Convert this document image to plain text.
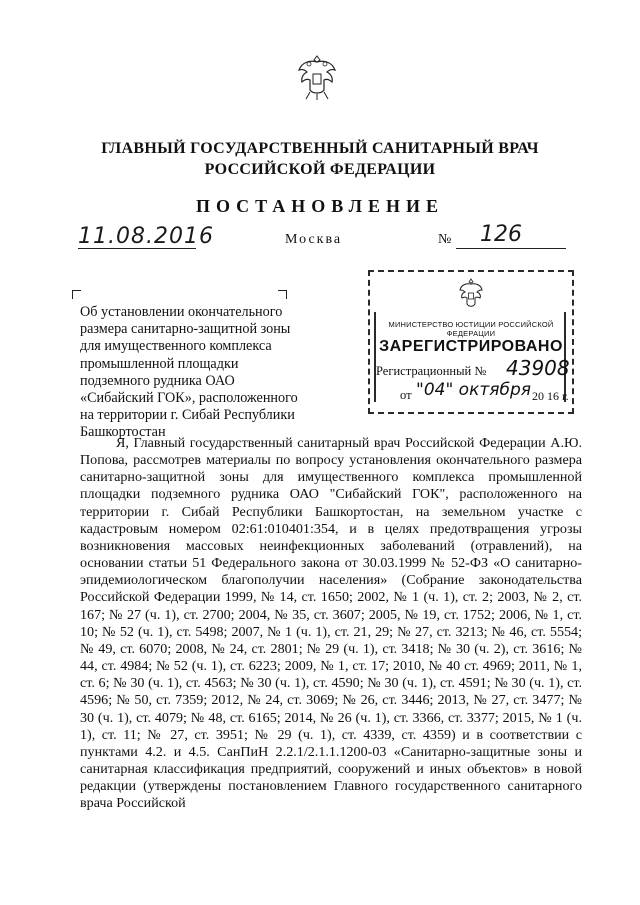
ГЛАВНЫЙ ГОСУДАРСТВЕННЫЙ САНИТАРНЫЙ ВРАЧ
РОССИЙСКОЙ ФЕДЕРАЦИИ
ПОСТАНОВЛЕНИЕ
11.08.2016	Москва	№ 126
Об установлении окончательного размера санитарно-защитной зоны для имущественного комплекса промышленной площадки подземного рудника ОАО «Сибайский ГОК», расположенного на территории г. Сибай Республики Башкортостан
МИНИСТЕРСТВО ЮСТИЦИИ РОССИЙСКОЙ ФЕДЕРАЦИИ
ЗАРЕГИСТРИРОВАНО
Регистрационный № 43908
от "04" октября 20 16 г.

Я, Главный государственный санитарный врач Российской Федерации А.Ю. Попова, рассмотрев материалы по вопросу установления окончательного размера санитарно-защитной зоны для имущественного комплекса промышленной площадки подземного рудника ОАО "Сибайский ГОК", расположенного на территории г. Сибай Республики Башкортостан, на земельном участке с кадастровым номером 02:61:010401:354, и в целях предотвращения угрозы возникновения массовых неинфекционных заболеваний (отравлений), на основании статьи 51 Федерального закона от 30.03.1999 № 52-ФЗ «О санитарно-эпидемиологическом благополучии населения» (Собрание законодательства Российской Федерации 1999, № 14, ст. 1650; 2002, № 1 (ч. 1), ст. 2; 2003, № 2, ст. 167; № 27 (ч. 1), ст. 2700; 2004, № 35, ст. 3607; 2005, № 19, ст. 1752; 2006, № 1, ст. 10; № 52 (ч. 1), ст. 5498; 2007, № 1 (ч. 1), ст. 21, 29; № 27, ст. 3213; № 46, ст. 5554; № 49, ст. 6070; 2008, № 24, ст. 2801; № 29 (ч. 1), ст. 3418; № 30 (ч. 2), ст. 3616; № 44, ст. 4984; № 52 (ч. 1), ст. 6223; 2009, № 1, ст. 17; 2010, № 40 ст. 4969; 2011, № 1, ст. 6; № 30 (ч. 1), ст. 4563; № 30 (ч. 1), ст. 4590; № 30 (ч. 1), ст. 4591; № 30 (ч. 1), ст. 4596; № 50, ст. 7359; 2012, № 24, ст. 3069; № 26, ст. 3446; 2013, № 27, ст. 3477; № 30 (ч. 1), ст. 4079; № 48, ст. 6165; 2014, № 26 (ч. 1), ст. 3366, ст. 3377; 2015, № 1 (ч. 1), ст. 11; № 27, ст. 3951; № 29 (ч. 1), ст. 4339, ст. 4359) и в соответствии с пунктами 4.2. и 4.5. СанПиН 2.2.1/2.1.1.1200-03 «Санитарно-защитные зоны и санитарная классификация предприятий, сооружений и иных объектов» в новой редакции (утверждены постановлением Главного государственного санитарного врача Российской
